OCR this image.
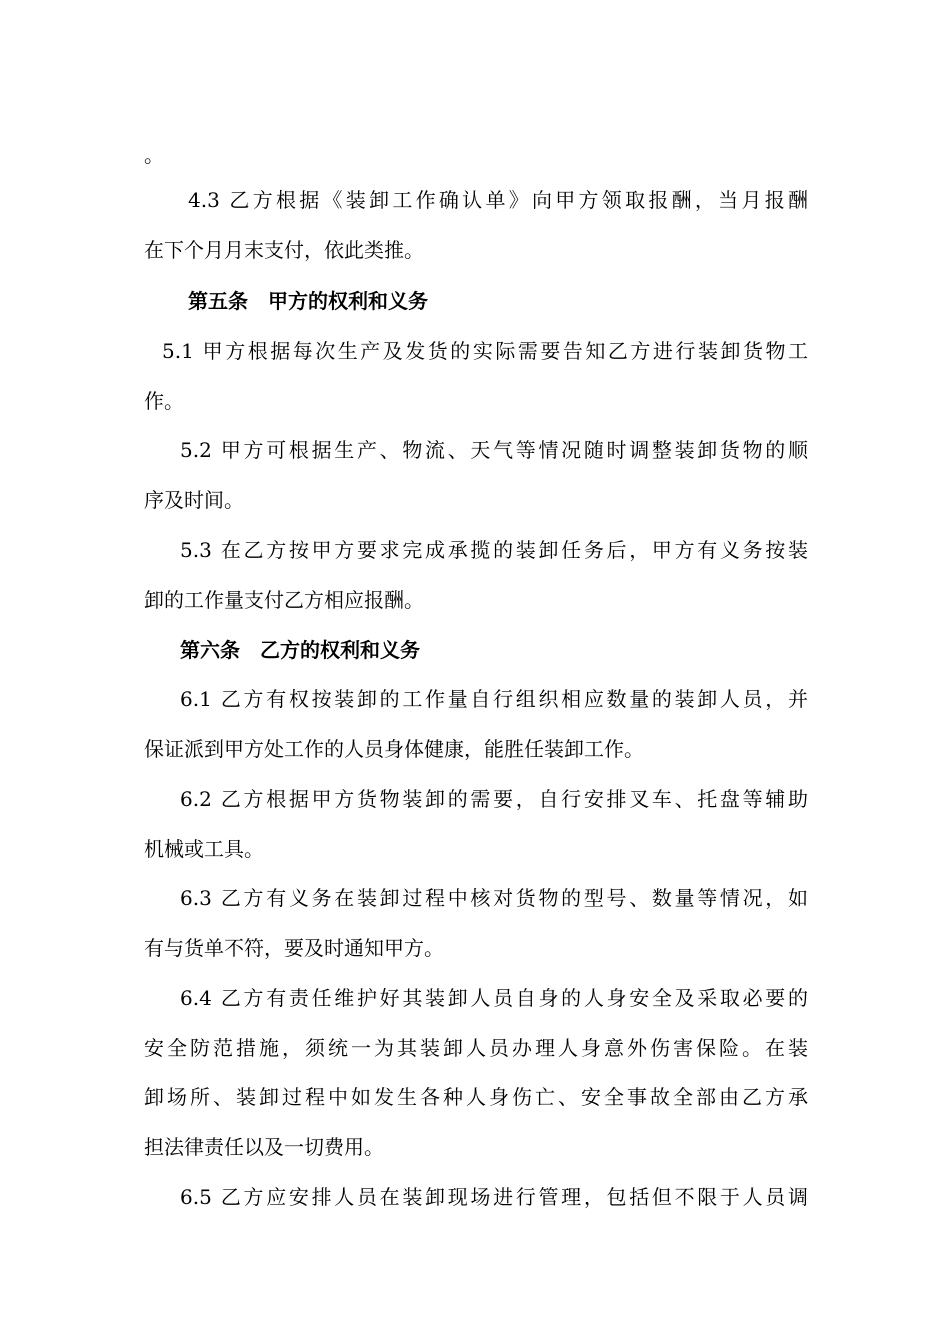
。
4.3 乙方根据《装卸工作确认单》向甲方领取报酬，当月报酬
在下个月月末支付，依此类推。
第五条　甲方的权利和义务
5.1 甲方根据每次生产及发货的实际需要告知乙方进行装卸货物工
作。
5.2 甲方可根据生产、物流、天气等情况随时调整装卸货物的顺
序及时间。
5.3 在乙方按甲方要求完成承揽的装卸任务后，甲方有义务按装
卸的工作量支付乙方相应报酬。
第六条　乙方的权利和义务
6.1 乙方有权按装卸的工作量自行组织相应数量的装卸人员，并
保证派到甲方处工作的人员身体健康，能胜任装卸工作。
6.2 乙方根据甲方货物装卸的需要，自行安排叉车、托盘等辅助
机械或工具。
6.3 乙方有义务在装卸过程中核对货物的型号、数量等情况，如
有与货单不符，要及时通知甲方。
6.4 乙方有责任维护好其装卸人员自身的人身安全及采取必要的
安全防范措施，须统一为其装卸人员办理人身意外伤害保险。在装
卸场所、装卸过程中如发生各种人身伤亡、安全事故全部由乙方承
担法律责任以及一切费用。
6.5 乙方应安排人员在装卸现场进行管理，包括但不限于人员调
